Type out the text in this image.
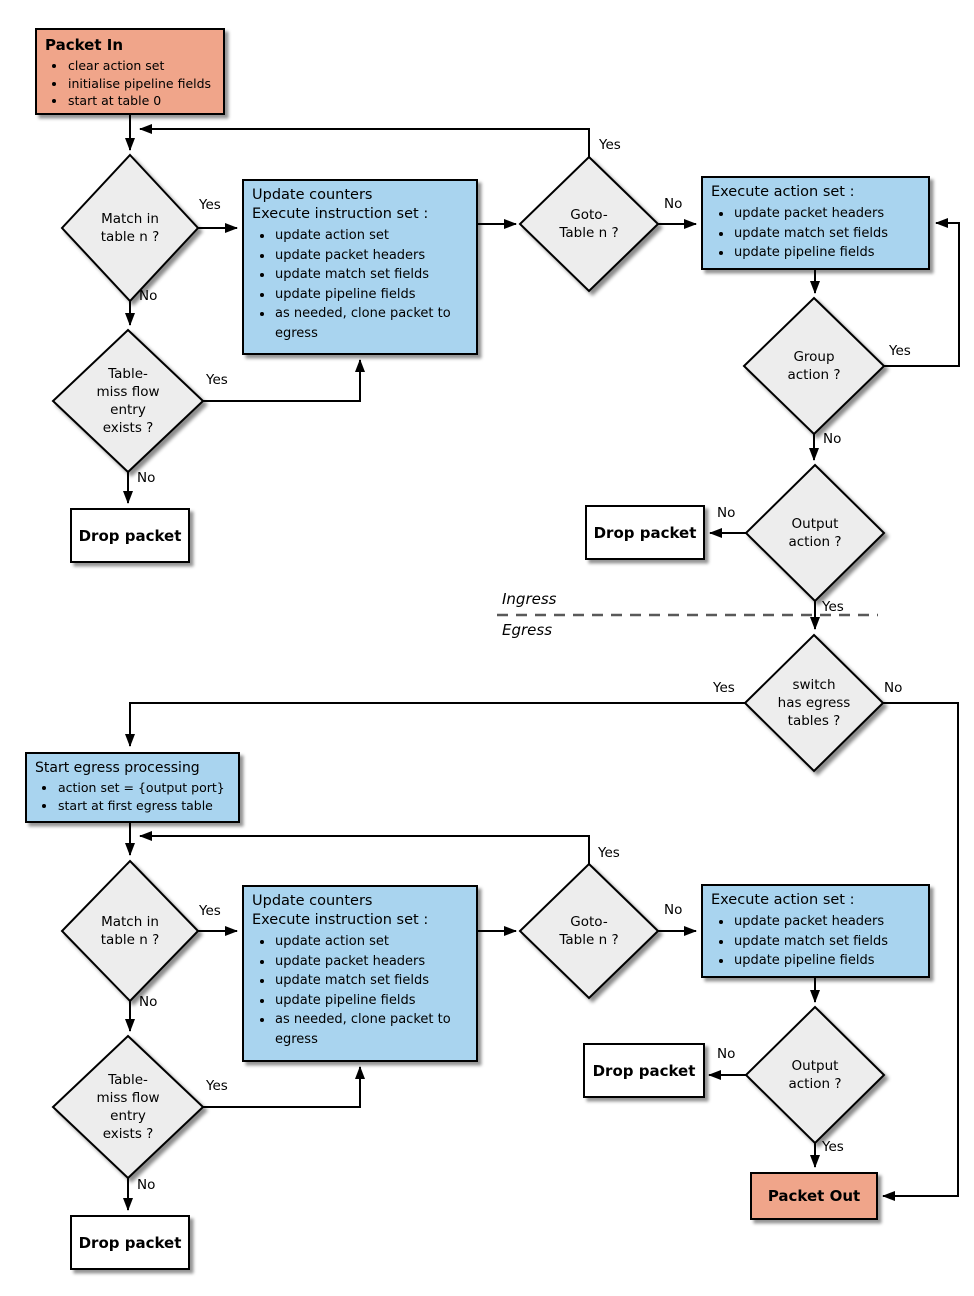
Packet In
• clear action set
• initialise pipeline fields
• start at table 0
Update counters
Execute instruction set :
• update action set
• update packet headers
• update match set fields
• update pipeline fields
• as needed, clone packet to egress
Execute action set :
• update packet headers
• update match set fields
• update pipeline fields
Drop packet	Drop packet
Start egress processing
• action set = {output port}
• start at first egress table
Update counters
Execute instruction set :
• update action set
• update packet headers
• update match set fields
• update pipeline fields
• as needed, clone packet to egress
Execute action set :
• update packet headers
• update match set fields
• update pipeline fields
Drop packet
Drop packet
Packet Out
Match in
table n ?
Table-
miss flow
entry
exists ?
Goto-
Table n ?
Group
action ?
Output
action ?
switch
has egress
tables ?
Match in
table n ?
Table-
miss flow
entry
exists ?
Goto-
Table n ?
Output
action ?
Yes
No
Yes
No
Yes
No
Yes
No
No
Yes
Yes	No
Yes
Yes
No
No
Yes
No
No
Yes
Ingress
Egress
